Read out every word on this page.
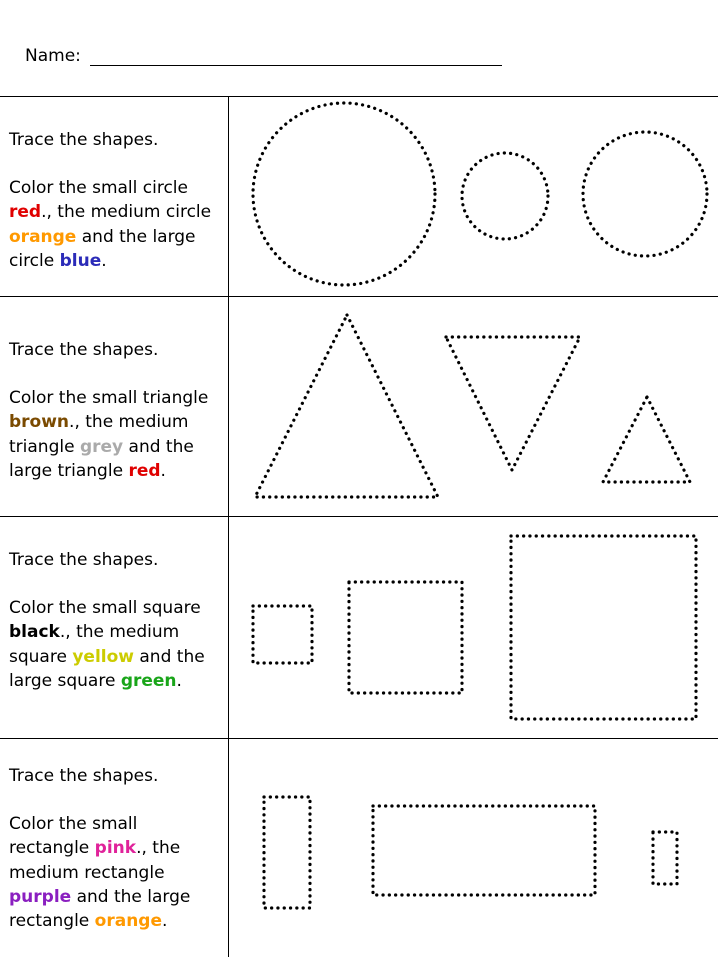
Name:

Trace the shapes.

Color the small circle red., the medium circle orange and the large circle blue.

Trace the shapes.

Color the small triangle brown., the medium triangle grey and the large triangle red.

Trace the shapes.

Color the small square black., the medium square yellow and the large square green.

Trace the shapes.

Color the small rectangle pink., the medium rectangle purple and the large rectangle orange.
